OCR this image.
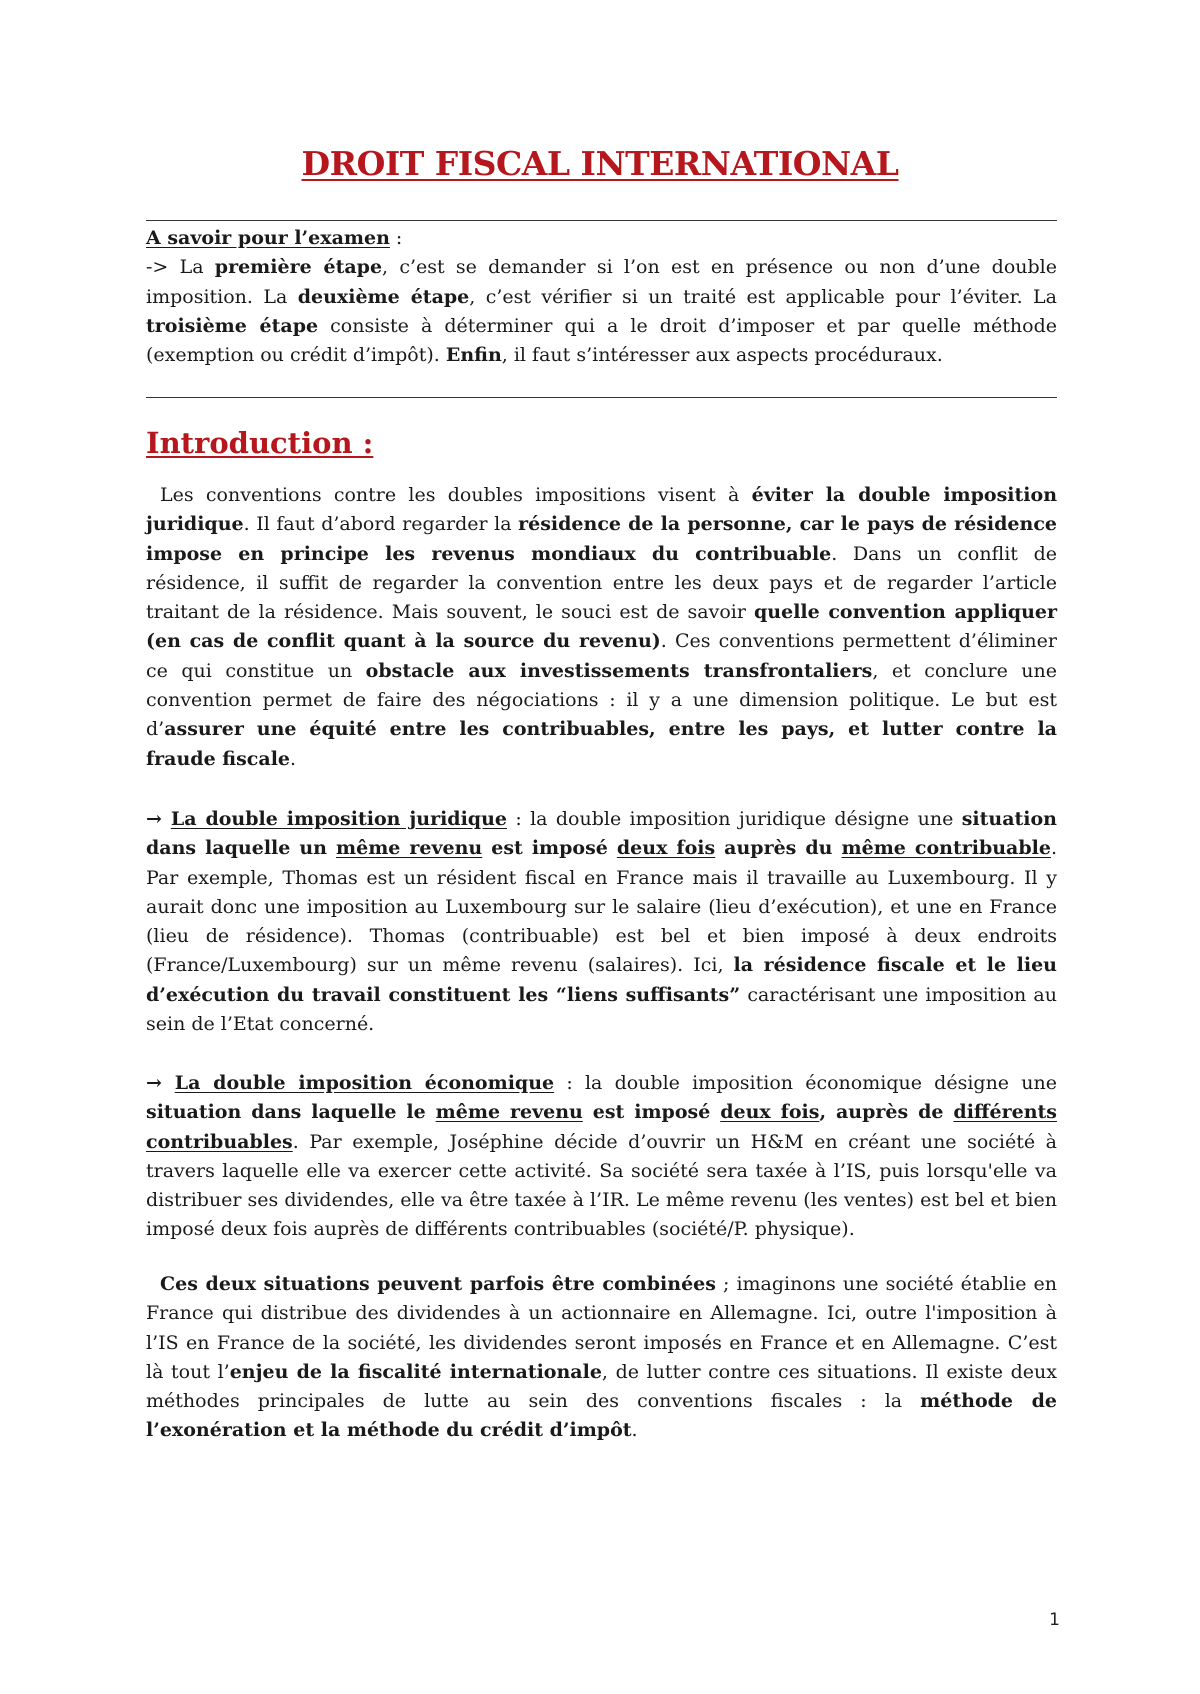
DROIT FISCAL INTERNATIONAL

A savoir pour l’examen :
-> La première étape, c’est se demander si l’on est en présence ou non d’une double imposition. La deuxième étape, c’est vérifier si un traité est applicable pour l’éviter. La troisième étape consiste à déterminer qui a le droit d’imposer et par quelle méthode (exemption ou crédit d’impôt). Enfin, il faut s’intéresser aux aspects procéduraux.

Introduction :

Les conventions contre les doubles impositions visent à éviter la double imposition juridique. Il faut d’abord regarder la résidence de la personne, car le pays de résidence impose en principe les revenus mondiaux du contribuable. Dans un conflit de résidence, il suffit de regarder la convention entre les deux pays et de regarder l’article traitant de la résidence. Mais souvent, le souci est de savoir quelle convention appliquer (en cas de conflit quant à la source du revenu). Ces conventions permettent d’éliminer ce qui constitue un obstacle aux investissements transfrontaliers, et conclure une convention permet de faire des négociations : il y a une dimension politique. Le but est d’assurer une équité entre les contribuables, entre les pays, et lutter contre la fraude fiscale.

→ La double imposition juridique : la double imposition juridique désigne une situation dans laquelle un même revenu est imposé deux fois auprès du même contribuable. Par exemple, Thomas est un résident fiscal en France mais il travaille au Luxembourg. Il y aurait donc une imposition au Luxembourg sur le salaire (lieu d’exécution), et une en France (lieu de résidence). Thomas (contribuable) est bel et bien imposé à deux endroits (France/Luxembourg) sur un même revenu (salaires). Ici, la résidence fiscale et le lieu d’exécution du travail constituent les “liens suffisants” caractérisant une imposition au sein de l’Etat concerné.

→ La double imposition économique : la double imposition économique désigne une situation dans laquelle le même revenu est imposé deux fois, auprès de différents contribuables. Par exemple, Joséphine décide d’ouvrir un H&M en créant une société à travers laquelle elle va exercer cette activité. Sa société sera taxée à l’IS, puis lorsqu'elle va distribuer ses dividendes, elle va être taxée à l’IR. Le même revenu (les ventes) est bel et bien imposé deux fois auprès de différents contribuables (société/P. physique).

Ces deux situations peuvent parfois être combinées ; imaginons une société établie en France qui distribue des dividendes à un actionnaire en Allemagne. Ici, outre l'imposition à l’IS en France de la société, les dividendes seront imposés en France et en Allemagne. C’est là tout l’enjeu de la fiscalité internationale, de lutter contre ces situations. Il existe deux méthodes principales de lutte au sein des conventions fiscales : la méthode de l’exonération et la méthode du crédit d’impôt.

1
